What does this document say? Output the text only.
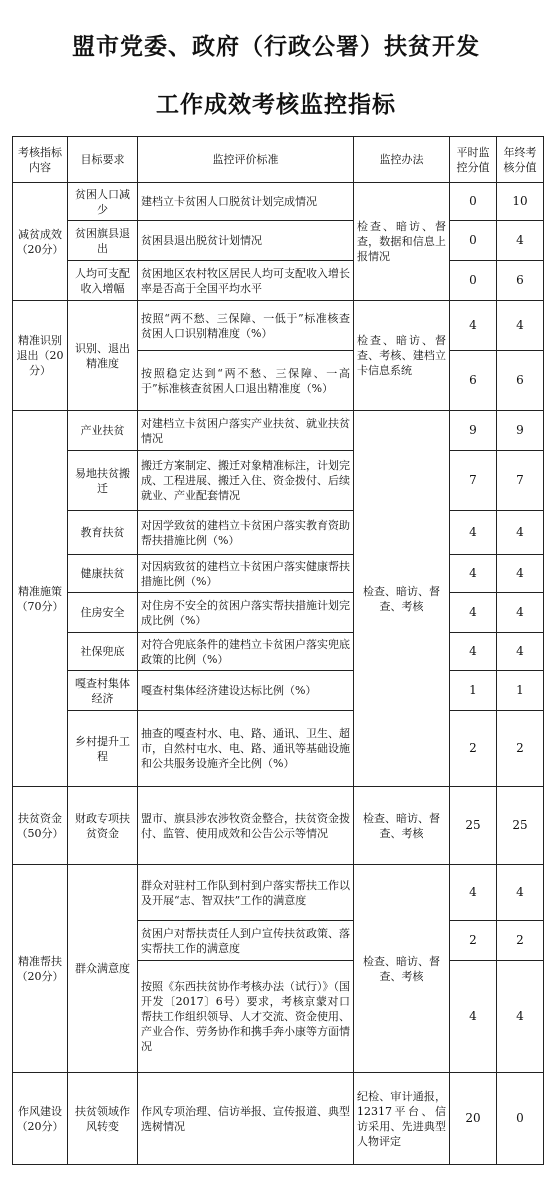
盟市党委、政府（行政公署）扶贫开发
工作成效考核监控指标
考核指标内容	目标要求	监控评价标准	监控办法	平时监控分值	年终考核分值
减贫成效（20分）	贫困人口减少	建档立卡贫困人口脱贫计划完成情况	检查、暗访、督查，数据和信息上报情况	0	10
	贫困旗县退出	贫困县退出脱贫计划情况		0	4
	人均可支配收入增幅	贫困地区农村牧区居民人均可支配收入增长率是否高于全国平均水平		0	6
精准识别退出（20分）	识别、退出精准度	按照“两不愁、三保障、一低于”标准核查贫困人口识别精准度（%）	检查、暗访、督查、考核、建档立卡信息系统	4	4
		按照稳定达到“两不愁、三保障、一高于”标准核查贫困人口退出精准度（%）		6	6
精准施策（70分）	产业扶贫	对建档立卡贫困户落实产业扶贫、就业扶贫情况	检查、暗访、督查、考核	9	9
	易地扶贫搬迁	搬迁方案制定、搬迁对象精准标注，计划完成、工程进展、搬迁入住、资金拨付、后续就业、产业配套情况		7	7
	教育扶贫	对因学致贫的建档立卡贫困户落实教育资助帮扶措施比例（%）		4	4
	健康扶贫	对因病致贫的建档立卡贫困户落实健康帮扶措施比例（%）		4	4
	住房安全	对住房不安全的贫困户落实帮扶措施计划完成比例（%）		4	4
	社保兜底	对符合兜底条件的建档立卡贫困户落实兜底政策的比例（%）		4	4
	嘎查村集体经济	嘎查村集体经济建设达标比例（%）		1	1
	乡村提升工程	抽查的嘎查村水、电、路、通讯、卫生、超市，自然村屯水、电、路、通讯等基础设施和公共服务设施齐全比例（%）		2	2
扶贫资金（50分）	财政专项扶贫资金	盟市、旗县涉农涉牧资金整合，扶贫资金拨付、监管、使用成效和公告公示等情况	检查、暗访、督查、考核	25	25
精准帮扶（20分）	群众满意度	群众对驻村工作队到村到户落实帮扶工作以及开展“志、智双扶”工作的满意度	检查、暗访、督查、考核	4	4
		贫困户对帮扶责任人到户宣传扶贫政策、落实帮扶工作的满意度		2	2
		按照《东西扶贫协作考核办法（试行）》（国开发〔2017〕6号）要求，考核京蒙对口帮扶工作组织领导、人才交流、资金使用、产业合作、劳务协作和携手奔小康等方面情况		4	4
作风建设（20分）	扶贫领域作风转变	作风专项治理、信访举报、宣传报道、典型选树情况	纪检、审计通报，12317平台、信访采用、先进典型人物评定	20	0
